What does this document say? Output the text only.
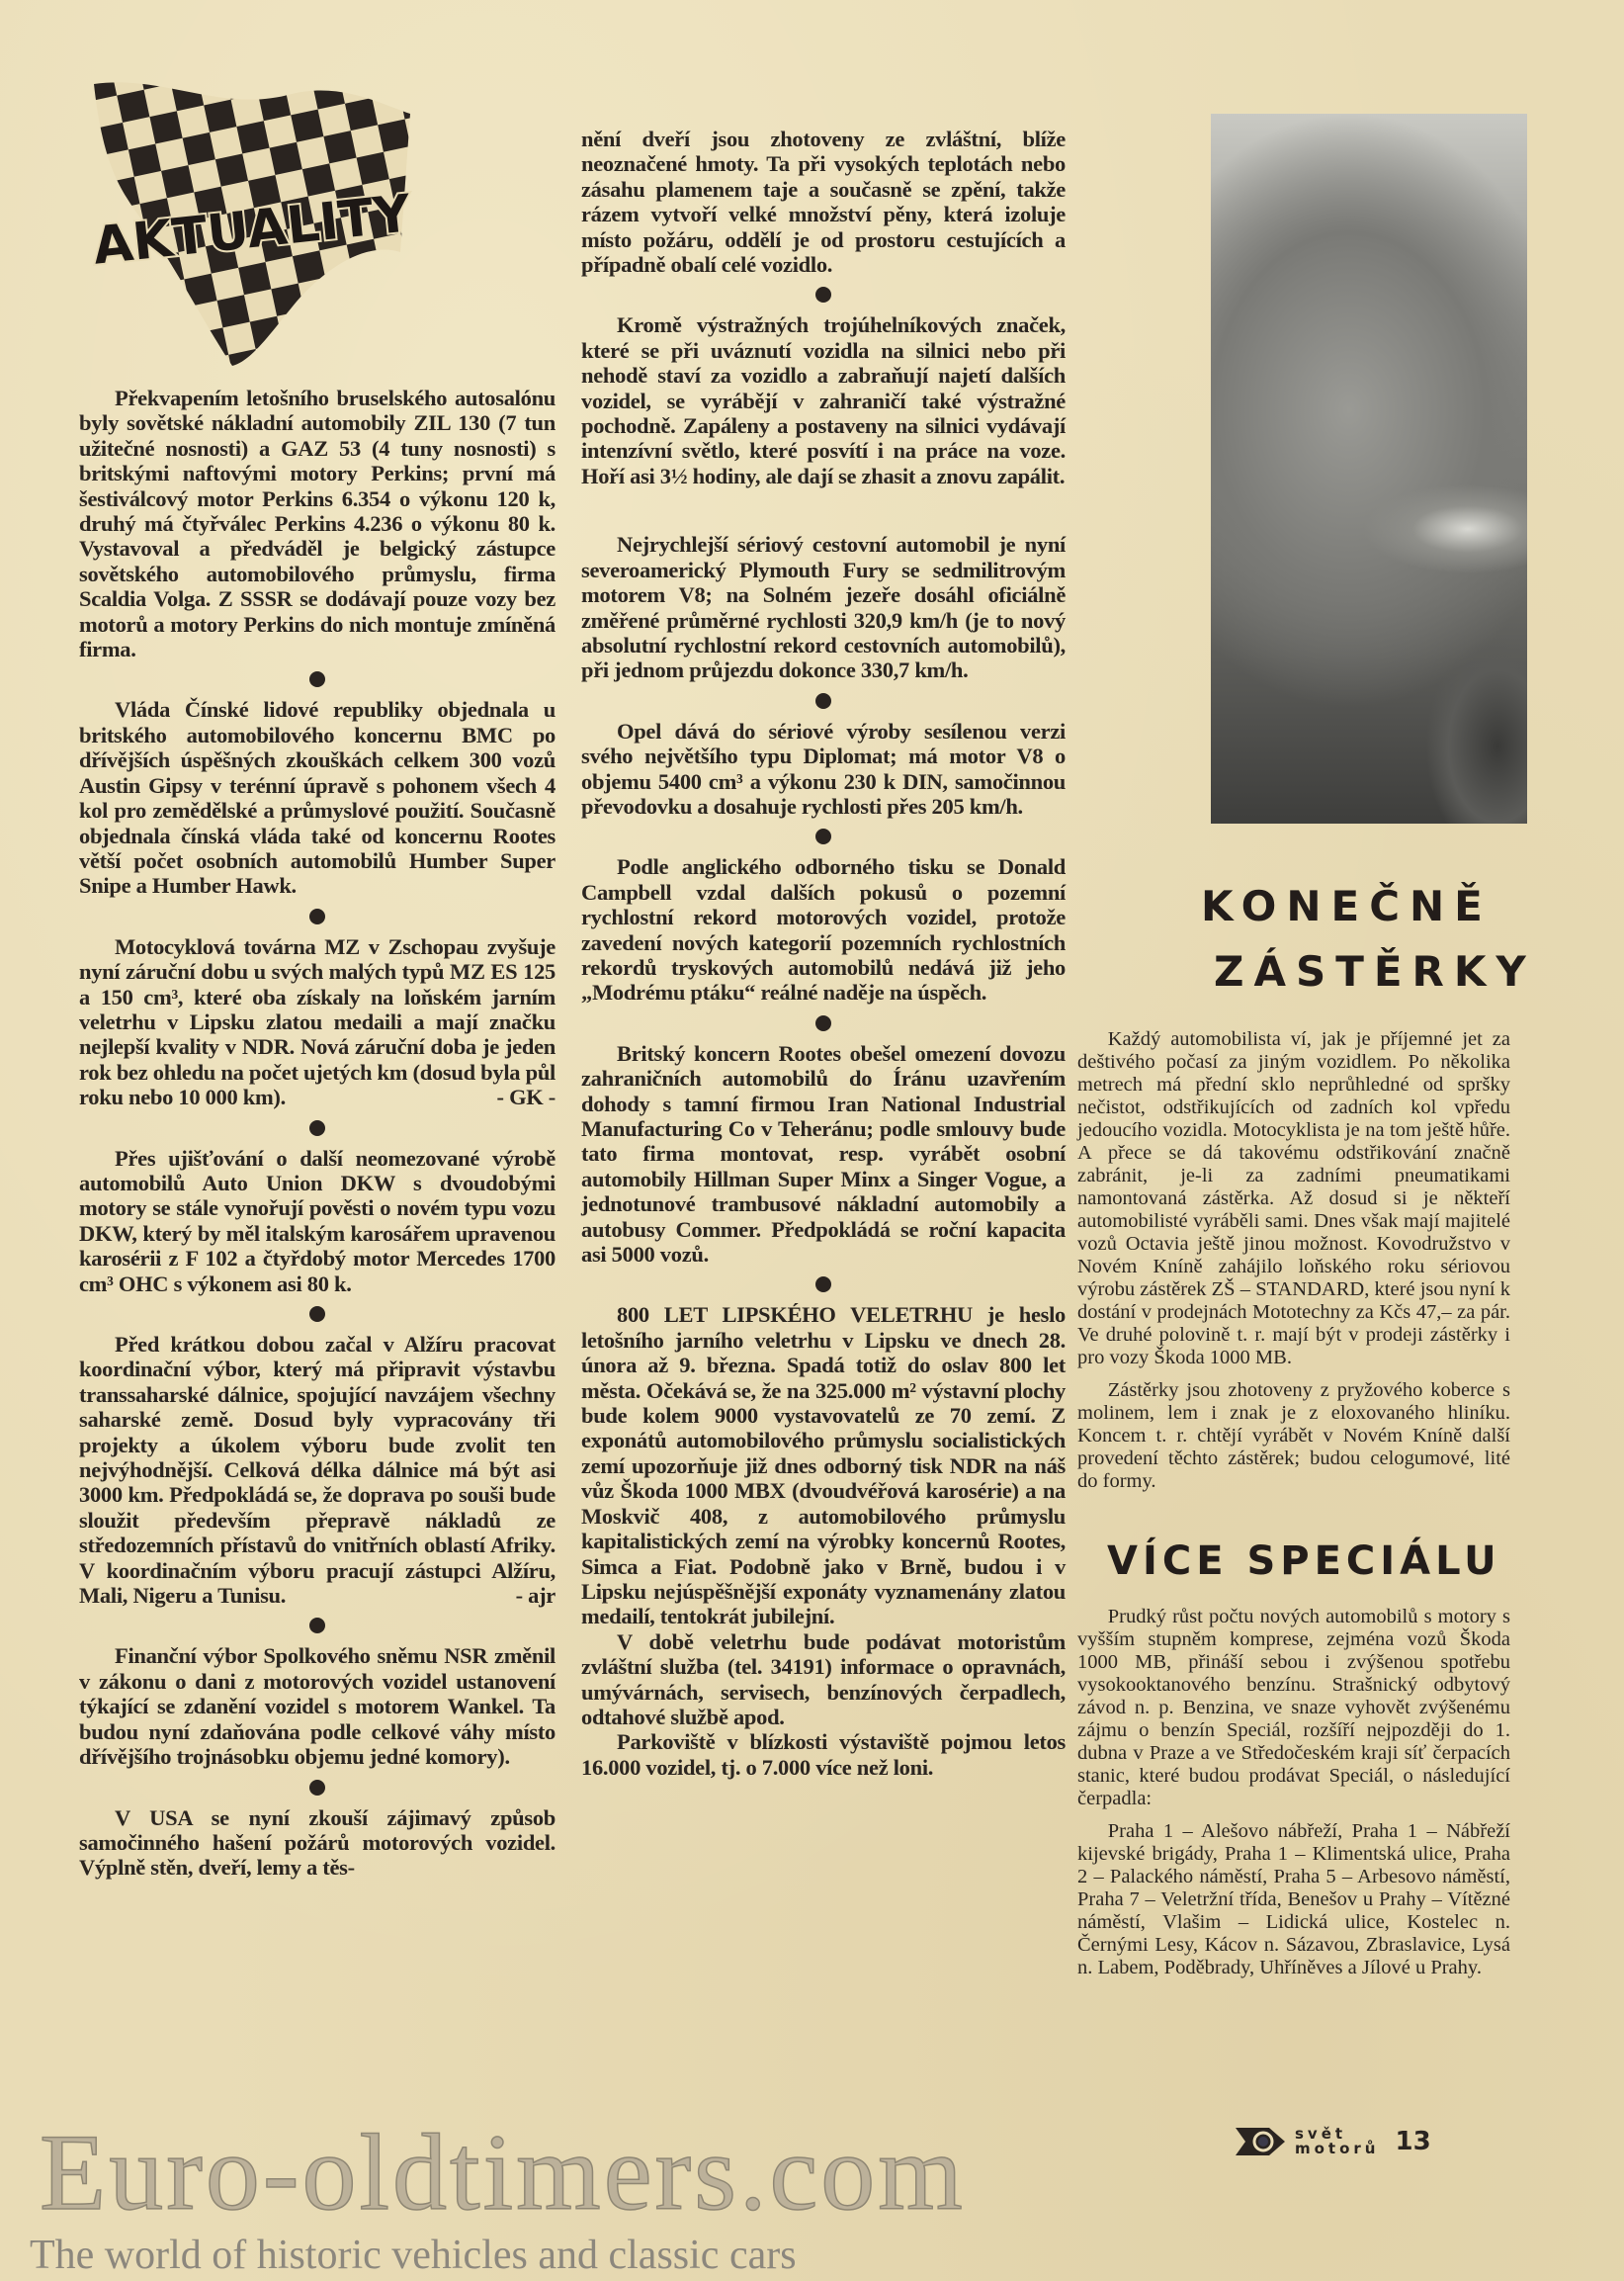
AKTUALITY

Překvapením letošního bruselského autosalónu byly sovětské nákladní automobily ZIL 130 (7 tun užitečné nosnosti) a GAZ 53 (4 tuny nosnosti) s britskými naftovými motory Perkins; první má šestiválcový motor Perkins 6.354 o výkonu 120 k, druhý má čtyřválec Perkins 4.236 o výkonu 80 k. Vystavoval a předváděl je belgický zástupce sovětského automobilového průmyslu, firma Scaldia Volga. Z SSSR se dodávají pouze vozy bez motorů a motory Perkins do nich montuje zmíněná firma.

Vláda Čínské lidové republiky objednala u britského automobilového koncernu BMC po dřívějších úspěšných zkouškách celkem 300 vozů Austin Gipsy v terénní úpravě s pohonem všech 4 kol pro zemědělské a průmyslové použití. Současně objednala čínská vláda také od koncernu Rootes větší počet osobních automobilů Humber Super Snipe a Humber Hawk.

Motocyklová továrna MZ v Zschopau zvyšuje nyní záruční dobu u svých malých typů MZ ES 125 a 150 cm³, které oba získaly na loňském jarním veletrhu v Lipsku zlatou medaili a mají značku nejlepší kvality v NDR. Nová záruční doba je jeden rok bez ohledu na počet ujetých km (dosud byla půl roku nebo 10 000 km).	- GK -

Přes ujišťování o další neomezované výrobě automobilů Auto Union DKW s dvoudobými motory se stále vynořují pověsti o novém typu vozu DKW, který by měl italským karosářem upravenou karosérii z F 102 a čtyřdobý motor Mercedes 1700 cm³ OHC s výkonem asi 80 k.

Před krátkou dobou začal v Alžíru pracovat koordinační výbor, který má připravit výstavbu transsaharské dálnice, spojující navzájem všechny saharské země. Dosud byly vypracovány tři projekty a úkolem výboru bude zvolit ten nejvýhodnější. Celková délka dálnice má být asi 3000 km. Předpokládá se, že doprava po souši bude sloužit především přepravě nákladů ze středozemních přístavů do vnitřních oblastí Afriky. V koordinačním výboru pracují zástupci Alžíru, Mali, Nigeru a Tunisu.	- ajr

Finanční výbor Spolkového sněmu NSR změnil v zákonu o dani z motorových vozidel ustanovení týkající se zdanění vozidel s motorem Wankel. Ta budou nyní zdaňována podle celkové váhy místo dřívějšího trojnásobku objemu jedné komory).

V USA se nyní zkouší zájimavý způsob samočinného hašení požárů motorových vozidel. Výplně stěn, dveří, lemy a těs-

nění dveří jsou zhotoveny ze zvláštní, blíže neoznačené hmoty. Ta při vysokých teplotách nebo zásahu plamenem taje a současně se zpění, takže rázem vytvoří velké množství pěny, která izoluje místo požáru, oddělí je od prostoru cestujících a případně obalí celé vozidlo.

Kromě výstražných trojúhelníkových značek, které se při uváznutí vozidla na silnici nebo při nehodě staví za vozidlo a zabraňují najetí dalších vozidel, se vyrábějí v zahraničí také výstražné pochodně. Zapáleny a postaveny na silnici vydávají intenzívní světlo, které posvítí i na práce na voze. Hoří asi 3½ hodiny, ale dají se zhasit a znovu zapálit.

Nejrychlejší sériový cestovní automobil je nyní severoamerický Plymouth Fury se sedmilitrovým motorem V8; na Solném jezeře dosáhl oficiálně změřené průměrné rychlosti 320,9 km/h (je to nový absolutní rychlostní rekord cestovních automobilů), při jednom průjezdu dokonce 330,7 km/h.

Opel dává do sériové výroby sesílenou verzi svého největšího typu Diplomat; má motor V8 o objemu 5400 cm³ a výkonu 230 k DIN, samočinnou převodovku a dosahuje rychlosti přes 205 km/h.

Podle anglického odborného tisku se Donald Campbell vzdal dalších pokusů o pozemní rychlostní rekord motorových vozidel, protože zavedení nových kategorií pozemních rychlostních rekordů tryskových automobilů nedává již jeho „Modrému ptáku“ reálné naděje na úspěch.

Britský koncern Rootes obešel omezení dovozu zahraničních automobilů do Íránu uzavřením dohody s tamní firmou Iran National Industrial Manufacturing Co v Teheránu; podle smlouvy bude tato firma montovat, resp. vyrábět osobní automobily Hillman Super Minx a Singer Vogue, a jednotunové trambusové nákladní automobily a autobusy Commer. Předpokládá se roční kapacita asi 5000 vozů.

800 LET LIPSKÉHO VELETRHU je heslo letošního jarního veletrhu v Lipsku ve dnech 28. února až 9. března. Spadá totiž do oslav 800 let města. Očekává se, že na 325.000 m² výstavní plochy bude kolem 9000 vystavovatelů ze 70 zemí. Z exponátů automobilového průmyslu socialistických zemí upozorňuje již dnes odborný tisk NDR na náš vůz Škoda 1000 MBX (dvoudvéřová karosérie) a na Moskvič 408, z automobilového průmyslu kapitalistických zemí na výrobky koncernů Rootes, Simca a Fiat. Podobně jako v Brně, budou i v Lipsku nejúspěšnější exponáty vyznamenány zlatou medailí, tentokrát jubilejní.

V době veletrhu bude podávat motoristům zvláštní služba (tel. 34191) informace o opravnách, umývárnách, servisech, benzínových čerpadlech, odtahové službě apod.

Parkoviště v blízkosti výstaviště pojmou letos 16.000 vozidel, tj. o 7.000 více než loni.

KONEČNĚ
ZÁSTĚRKY

Každý automobilista ví, jak je příjemné jet za deštivého počasí za jiným vozidlem. Po několika metrech má přední sklo neprůhledné od spršky nečistot, odstřikujících od zadních kol vpředu jedoucího vozidla. Motocyklista je na tom ještě hůře. A přece se dá takovému odstřikování značně zabránit, je-li za zadními pneumatikami namontovaná zástěrka. Až dosud si je někteří automobilisté vyráběli sami. Dnes však mají majitelé vozů Octavia ještě jinou možnost. Kovodružstvo v Novém Kníně zahájilo loňského roku sériovou výrobu zástěrek ZŠ – STANDARD, které jsou nyní k dostání v prodejnách Mototechny za Kčs 47,– za pár. Ve druhé polovině t. r. mají být v prodeji zástěrky i pro vozy Škoda 1000 MB.

Zástěrky jsou zhotoveny z pryžového koberce s molinem, lem i znak je z eloxovaného hliníku. Koncem t. r. chtějí vyrábět v Novém Kníně další provedení těchto zástěrek; budou celogumové, lité do formy.

VÍCE SPECIÁLU

Prudký růst počtu nových automobilů s motory s vyšším stupněm komprese, zejména vozů Škoda 1000 MB, přináší sebou i zvýšenou spotřebu vysokooktanového benzínu. Strašnický odbytový závod n. p. Benzina, ve snaze vyhovět zvýšenému zájmu o benzín Speciál, rozšíří nejpozději do 1. dubna v Praze a ve Středočeském kraji síť čerpacích stanic, které budou prodávat Speciál, o následující čerpadla:

Praha 1 – Alešovo nábřeží, Praha 1 – Nábřeží kijevské brigády, Praha 1 – Klimentská ulice, Praha 2 – Palackého náměstí, Praha 5 – Arbesovo náměstí, Praha 7 – Veletržní třída, Benešov u Prahy – Vítězné náměstí, Vlašim – Lidická ulice, Kostelec n. Černými Lesy, Kácov n. Sázavou, Zbraslavice, Lysá n. Labem, Poděbrady, Uhříněves a Jílové u Prahy.

svět
motorů 13
Euro-oldtimers.com
The world of historic vehicles and classic cars
